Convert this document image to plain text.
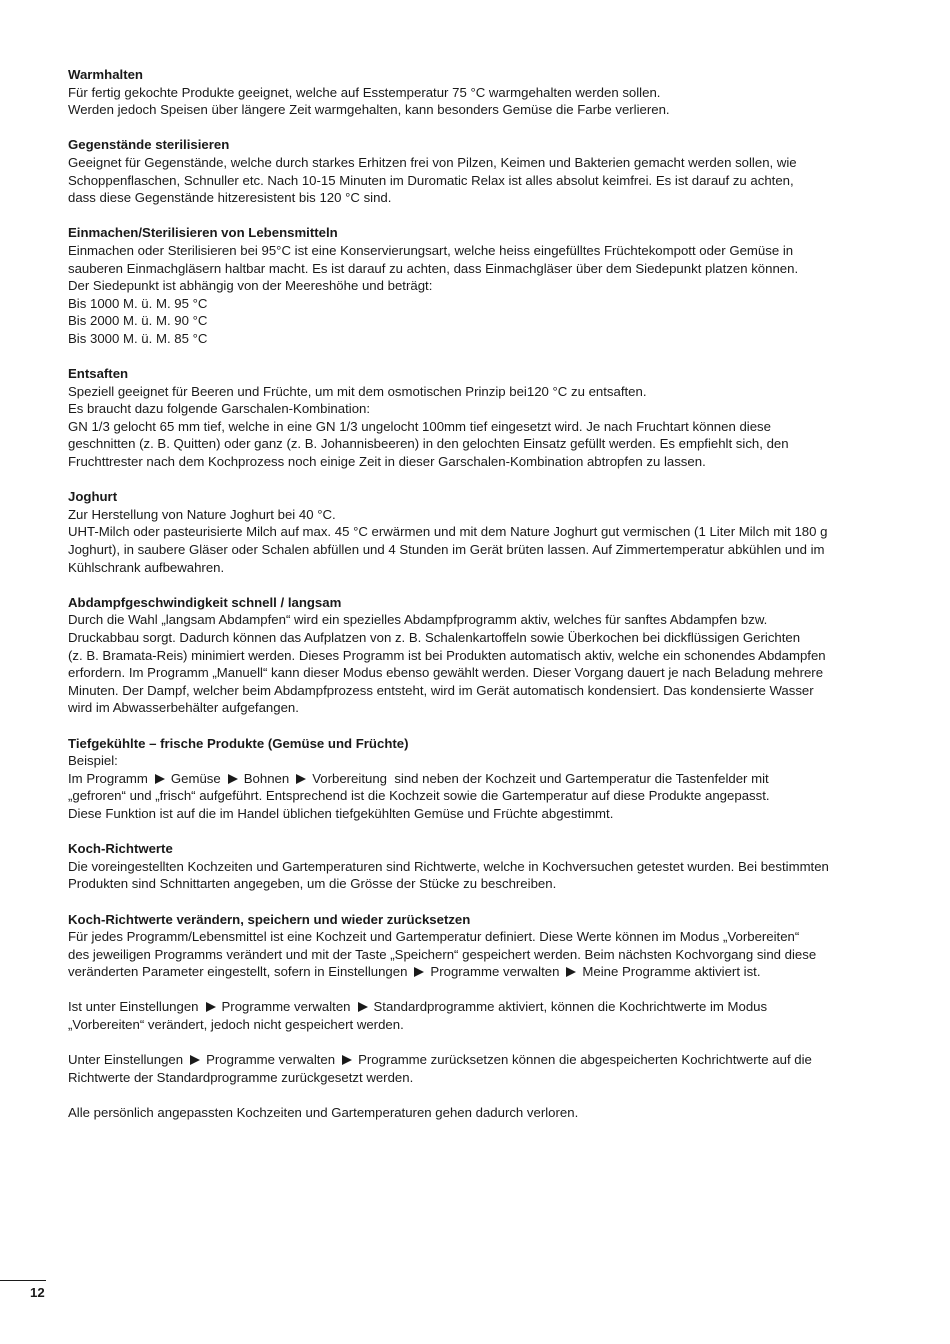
Warmhalten

Für fertig gekochte Produkte geeignet, welche auf Esstemperatur 75 °C warmgehalten werden sollen.

Werden jedoch Speisen über längere Zeit warmgehalten, kann besonders Gemüse die Farbe verlieren.

Gegenstände sterilisieren

Geeignet für Gegenstände, welche durch starkes Erhitzen frei von Pilzen, Keimen und Bakterien gemacht werden sollen, wie

Schoppenflaschen, Schnuller etc. Nach 10-15 Minuten im Duromatic Relax ist alles absolut keimfrei. Es ist darauf zu achten,

dass diese Gegenstände hitzeresistent bis 120 °C sind.

Einmachen/Sterilisieren von Lebensmitteln

Einmachen oder Sterilisieren bei 95°C ist eine Konservierungsart, welche heiss eingefülltes Früchtekompott oder Gemüse in

sauberen Einmachgläsern haltbar macht. Es ist darauf zu achten, dass Einmachgläser über dem Siedepunkt platzen können.

Der Siedepunkt ist abhängig von der Meereshöhe und beträgt:

Bis 1000 M. ü. M. 95 °C

Bis 2000 M. ü. M. 90 °C

Bis 3000 M. ü. M. 85 °C

Entsaften

Speziell geeignet für Beeren und Früchte, um mit dem osmotischen Prinzip bei120 °C zu entsaften.

Es braucht dazu folgende Garschalen-Kombination:

GN 1/3 gelocht 65 mm tief, welche in eine GN 1/3 ungelocht 100mm tief eingesetzt wird. Je nach Fruchtart können diese

geschnitten (z. B. Quitten) oder ganz (z. B. Johannisbeeren) in den gelochten Einsatz gefüllt werden. Es empfiehlt sich, den

Fruchttrester nach dem Kochprozess noch einige Zeit in dieser Garschalen-Kombination abtropfen zu lassen.

Joghurt

Zur Herstellung von Nature Joghurt bei 40 °C.

UHT-Milch oder pasteurisierte Milch auf max. 45 °C erwärmen und mit dem Nature Joghurt gut vermischen (1 Liter Milch mit 180 g

Joghurt), in saubere Gläser oder Schalen abfüllen und 4 Stunden im Gerät brüten lassen. Auf Zimmertemperatur abkühlen und im

Kühlschrank aufbewahren.

Abdampfgeschwindigkeit schnell / langsam

Durch die Wahl „langsam Abdampfen“ wird ein spezielles Abdampfprogramm aktiv, welches für sanftes Abdampfen bzw.

Druckabbau sorgt. Dadurch können das Aufplatzen von z. B. Schalenkartoffeln sowie Überkochen bei dickflüssigen Gerichten

(z. B. Bramata-Reis) minimiert werden. Dieses Programm ist bei Produkten automatisch aktiv, welche ein schonendes Abdampfen

erfordern. Im Programm „Manuell“ kann dieser Modus ebenso gewählt werden. Dieser Vorgang dauert je nach Beladung mehrere

Minuten. Der Dampf, welcher beim Abdampfprozess entsteht, wird im Gerät automatisch kondensiert. Das kondensierte Wasser

wird im Abwasserbehälter aufgefangen.

Tiefgekühlte – frische Produkte (Gemüse und Früchte)

Beispiel:

Im Programm Gemüse Bohnen Vorbereitung  sind neben der Kochzeit und Gartemperatur die Tastenfelder mit

„gefroren“ und „frisch“ aufgeführt. Entsprechend ist die Kochzeit sowie die Gartemperatur auf diese Produkte angepasst.

Diese Funktion ist auf die im Handel üblichen tiefgekühlten Gemüse und Früchte abgestimmt.

Koch-Richtwerte

Die voreingestellten Kochzeiten und Gartemperaturen sind Richtwerte, welche in Kochversuchen getestet wurden. Bei bestimmten

Produkten sind Schnittarten angegeben, um die Grösse der Stücke zu beschreiben.

Koch-Richtwerte verändern, speichern und wieder zurücksetzen

Für jedes Programm/Lebensmittel ist eine Kochzeit und Gartemperatur definiert. Diese Werte können im Modus „Vorbereiten“

des jeweiligen Programms verändert und mit der Taste „Speichern“ gespeichert werden. Beim nächsten Kochvorgang sind diese

veränderten Parameter eingestellt, sofern in Einstellungen Programme verwalten Meine Programme aktiviert ist.

Ist unter Einstellungen Programme verwalten Standardprogramme aktiviert, können die Kochrichtwerte im Modus

„Vorbereiten“ verändert, jedoch nicht gespeichert werden.

Unter Einstellungen Programme verwalten Programme zurücksetzen können die abgespeicherten Kochrichtwerte auf die

Richtwerte der Standardprogramme zurückgesetzt werden.

Alle persönlich angepassten Kochzeiten und Gartemperaturen gehen dadurch verloren.

12
